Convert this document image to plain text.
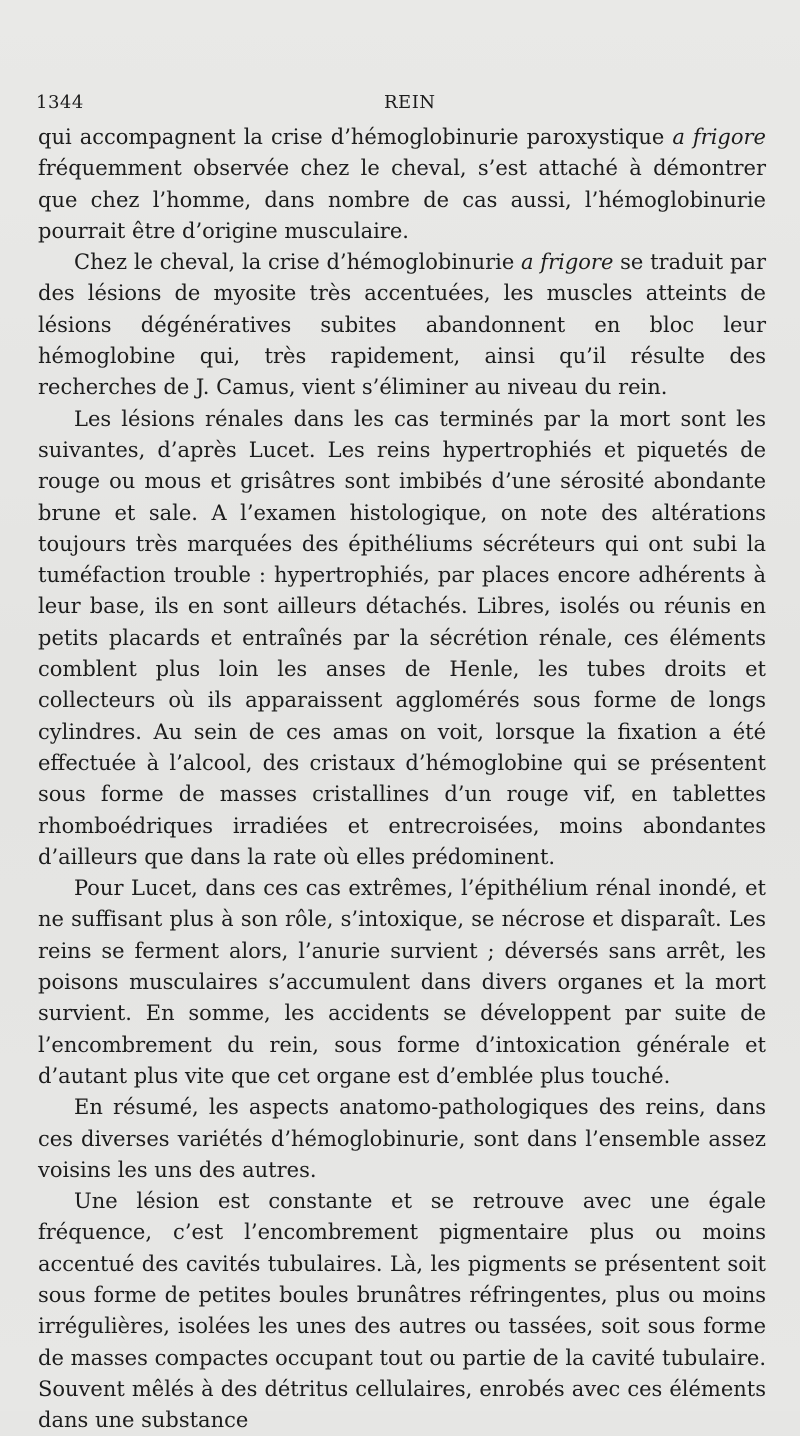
1344	REIN

qui accompagnent la crise d’hémoglobinurie paroxystique a frigore fréquemment observée chez le cheval, s’est attaché à démontrer que chez l’homme, dans nombre de cas aussi, l’hémoglobinurie pourrait être d’origine musculaire.

Chez le cheval, la crise d’hémoglobinurie a frigore se traduit par des lésions de myosite très accentuées, les muscles atteints de lésions dégénératives subites abandonnent en bloc leur hémoglobine qui, très rapidement, ainsi qu’il résulte des recherches de J. Camus, vient s’éliminer au niveau du rein.

Les lésions rénales dans les cas terminés par la mort sont les suivantes, d’après Lucet. Les reins hypertrophiés et piquetés de rouge ou mous et grisâtres sont imbibés d’une sérosité abondante brune et sale. A l’examen histologique, on note des altérations toujours très marquées des épithéliums sécréteurs qui ont subi la tuméfaction trouble : hypertrophiés, par places encore adhérents à leur base, ils en sont ailleurs détachés. Libres, isolés ou réunis en petits placards et entraînés par la sécrétion rénale, ces éléments comblent plus loin les anses de Henle, les tubes droits et collecteurs où ils apparaissent agglomérés sous forme de longs cylindres. Au sein de ces amas on voit, lorsque la fixation a été effectuée à l’alcool, des cristaux d’hémoglobine qui se présentent sous forme de masses cristallines d’un rouge vif, en tablettes rhomboédriques irradiées et entrecroisées, moins abondantes d’ailleurs que dans la rate où elles prédominent.

Pour Lucet, dans ces cas extrêmes, l’épithélium rénal inondé, et ne suffisant plus à son rôle, s’intoxique, se nécrose et disparaît. Les reins se ferment alors, l’anurie survient ; déversés sans arrêt, les poisons musculaires s’accumulent dans divers organes et la mort survient. En somme, les accidents se développent par suite de l’encombrement du rein, sous forme d’intoxication générale et d’autant plus vite que cet organe est d’emblée plus touché.

En résumé, les aspects anatomo-pathologiques des reins, dans ces diverses variétés d’hémoglobinurie, sont dans l’ensemble assez voisins les uns des autres.

Une lésion est constante et se retrouve avec une égale fréquence, c’est l’encombrement pigmentaire plus ou moins accentué des cavités tubulaires. Là, les pigments se présentent soit sous forme de petites boules brunâtres réfringentes, plus ou moins irrégulières, isolées les unes des autres ou tassées, soit sous forme de masses compactes occupant tout ou partie de la cavité tubulaire. Souvent mêlés à des détritus cellulaires, enrobés avec ces éléments dans une substance
